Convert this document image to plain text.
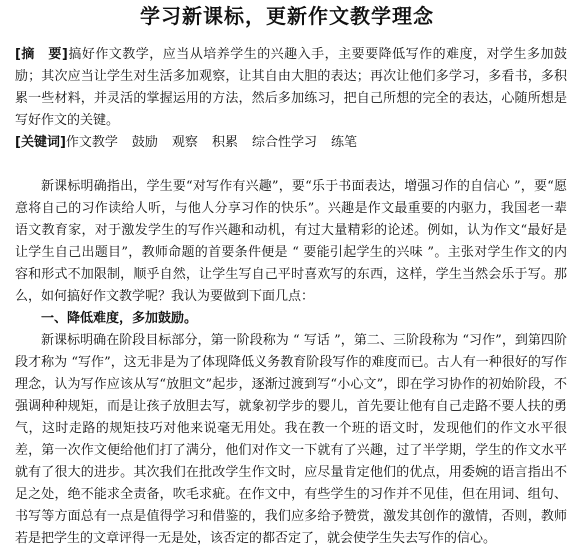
学习新课标，更新作文教学理念
[摘　要]搞好作文教学，应当从培养学生的兴趣入手，主要要降低写作的难度，对学生多加鼓励；其次应当让学生对生活多加观察，让其自由大胆的表达；再次让他们多学习，多看书，多积累一些材料，并灵活的掌握运用的方法，然后多加练习，把自己所想的完全的表达，心随所想是写好作文的关键。
[关键词]作文教学 鼓励 观察 积累 综合性学习 练笔

新课标明确指出，学生要“对写作有兴趣”，要“乐于书面表达，增强习作的自信心 ”，要“愿意将自己的习作读给人听，与他人分享习作的快乐”。兴趣是作文最重要的内驱力，我国老一辈语文教育家，对于激发学生的写作兴趣和动机，有过大量精彩的论述。例如，认为作文“最好是让学生自己出题目”，教师命题的首要条件便是 “ 要能引起学生的兴味 ”。主张对学生作文的内容和形式不加限制，顺乎自然，让学生写自己平时喜欢写的东西，这样，学生当然会乐于写。那么，如何搞好作文教学呢？我认为要做到下面几点：

一、降低难度，多加鼓励。

新课标明确在阶段目标部分，第一阶段称为 “ 写话 ”，第二、三阶段称为 “习作”，到第四阶段才称为 “写作”，这无非是为了体现降低义务教育阶段写作的难度而已。古人有一种很好的写作理念，认为写作应该从写“放胆文”起步，逐渐过渡到写“小心文”，即在学习协作的初始阶段，不强调种种规矩，而是让孩子放胆去写，就象初学步的婴儿，首先要让他有自己走路不要人扶的勇气，这时走路的规矩技巧对他来说毫无用处。我在教一个班的语文时，发现他们的作文水平很差，第一次作文便给他们打了满分，他们对作文一下就有了兴趣，过了半学期，学生的作文水平就有了很大的进步。其次我们在批改学生作文时，应尽量肯定他们的优点，用委婉的语言指出不足之处，绝不能求全责备，吹毛求疵。在作文中，有些学生的习作并不见佳，但在用词、组句、书写等方面总有一点是值得学习和借鉴的，我们应多给予赞赏，激发其创作的激情，否则，教师若是把学生的文章评得一无是处，该否定的都否定了，就会使学生失去写作的信心。
